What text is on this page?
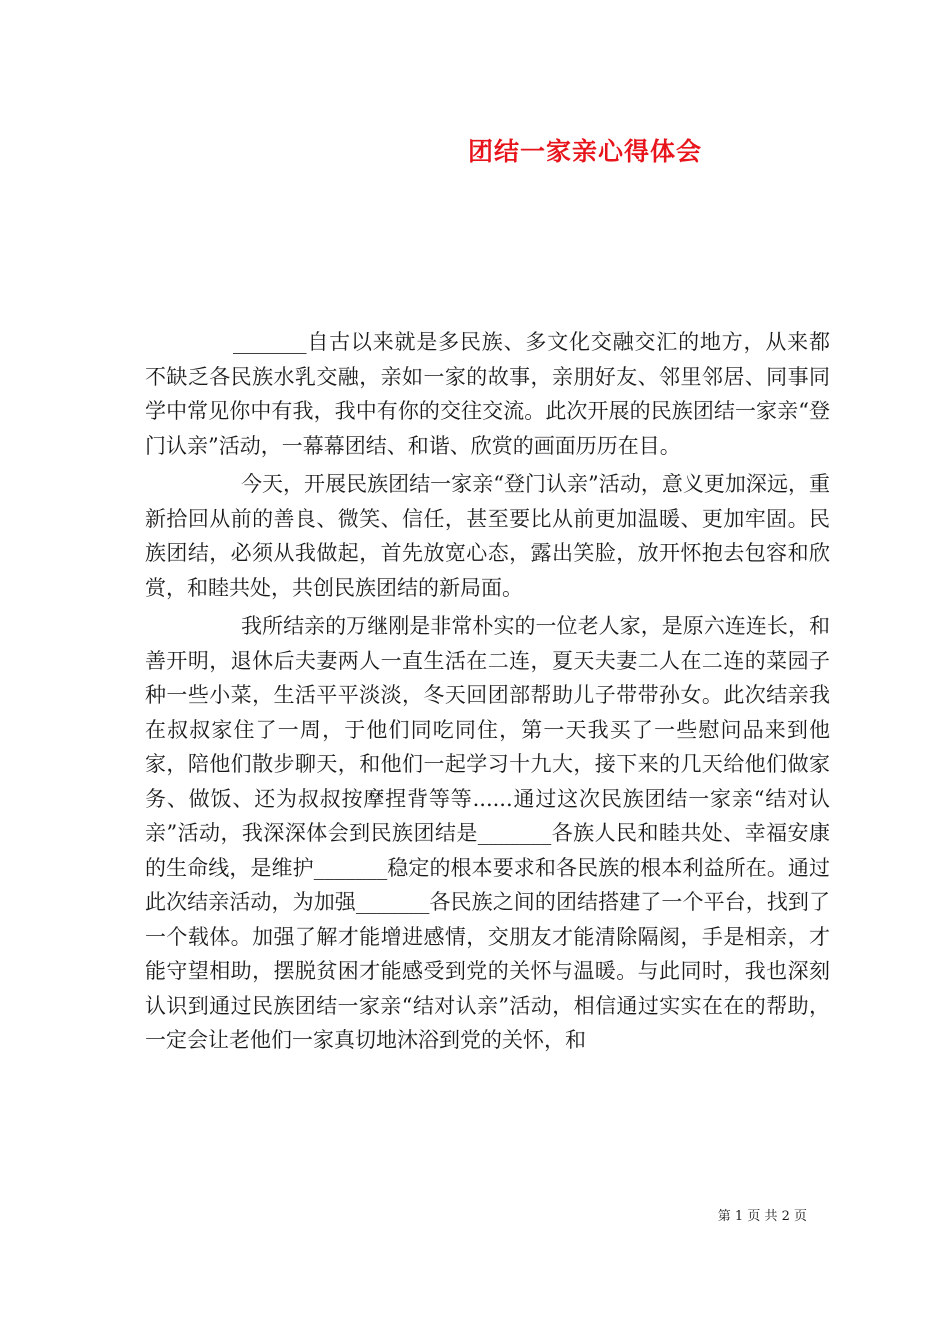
团结一家亲心得体会

_______自古以来就是多民族、多文化交融交汇的地方，从来都不缺乏各民族水乳交融，亲如一家的故事，亲朋好友、邻里邻居、同事同学中常见你中有我，我中有你的交往交流。此次开展的民族团结一家亲“登门认亲”活动，一幕幕团结、和谐、欣赏的画面历历在目。

今天，开展民族团结一家亲“登门认亲”活动，意义更加深远，重新拾回从前的善良、微笑、信任，甚至要比从前更加温暖、更加牢固。民族团结，必须从我做起，首先放宽心态，露出笑脸，放开怀抱去包容和欣赏，和睦共处，共创民族团结的新局面。

我所结亲的万继刚是非常朴实的一位老人家，是原六连连长，和善开明，退休后夫妻两人一直生活在二连，夏天夫妻二人在二连的菜园子种一些小菜，生活平平淡淡，冬天回团部帮助儿子带带孙女。此次结亲我在叔叔家住了一周，于他们同吃同住，第一天我买了一些慰问品来到他家，陪他们散步聊天，和他们一起学习十九大，接下来的几天给他们做家务、做饭、还为叔叔按摩捏背等等......通过这次民族团结一家亲“结对认亲”活动，我深深体会到民族团结是_______各族人民和睦共处、幸福安康的生命线，是维护_______稳定的根本要求和各民族的根本利益所在。通过此次结亲活动，为加强_______各民族之间的团结搭建了一个平台，找到了一个载体。加强了解才能增进感情，交朋友才能清除隔阂，手是相亲，才能守望相助，摆脱贫困才能感受到党的关怀与温暖。与此同时，我也深刻认识到通过民族团结一家亲“结对认亲”活动，相信通过实实在在的帮助，一定会让老他们一家真切地沐浴到党的关怀，和

第 1 页 共 2 页
